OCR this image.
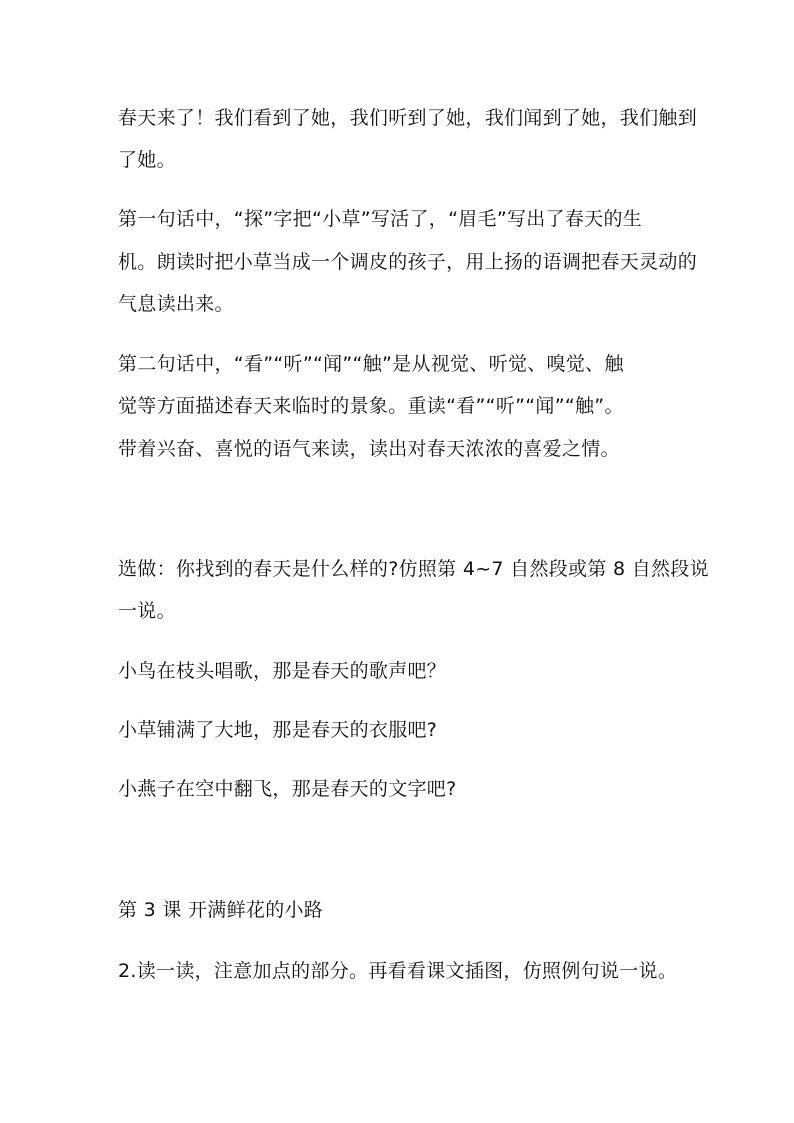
春天来了！我们看到了她，我们听到了她，我们闻到了她，我们触到
了她。
第一句话中，“探”字把“小草”写活了，“眉毛”写出了春天的生
机。朗读时把小草当成一个调皮的孩子，用上扬的语调把春天灵动的
气息读出来。
第二句话中，“看”“听”“闻”“触”是从视觉、听觉、嗅觉、触
觉等方面描述春天来临时的景象。重读“看”“听”“闻”“触”。
带着兴奋、喜悦的语气来读，读出对春天浓浓的喜爱之情。
选做：你找到的春天是什么样的?仿照第 4~7 自然段或第 8 自然段说
一说。
小鸟在枝头唱歌，那是春天的歌声吧？
小草铺满了大地，那是春天的衣服吧?
小燕子在空中翻飞，那是春天的文字吧?
第 3 课 开满鲜花的小路
2.读一读，注意加点的部分。再看看课文插图，仿照例句说一说。
